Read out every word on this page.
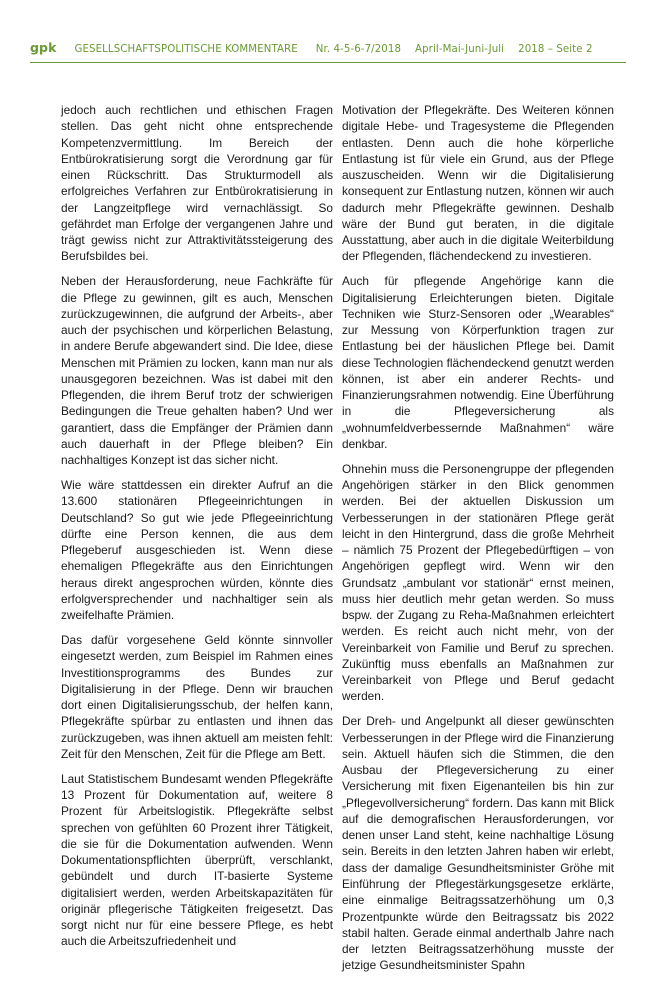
gpk GESELLSCHAFTSPOLITISCHE KOMMENTARE Nr. 4-5-6-7/2018 April-Mai-Juni-Juli 2018 – Seite 2

jedoch auch rechtlichen und ethischen Fragen stellen. Das geht nicht ohne entsprechende Kompetenzvermittlung. Im Bereich der Entbürokratisierung sorgt die Verordnung gar für einen Rückschritt. Das Strukturmodell als erfolgreiches Verfahren zur Entbürokratisierung in der Langzeitpflege wird vernachlässigt. So gefährdet man Erfolge der vergangenen Jahre und trägt gewiss nicht zur Attraktivitätssteigerung des Berufsbildes bei.

Neben der Herausforderung, neue Fachkräfte für die Pflege zu gewinnen, gilt es auch, Menschen zurückzugewinnen, die aufgrund der Arbeits-, aber auch der psychischen und körperlichen Belastung, in andere Berufe abgewandert sind. Die Idee, diese Menschen mit Prämien zu locken, kann man nur als unausgegoren bezeichnen. Was ist dabei mit den Pflegenden, die ihrem Beruf trotz der schwierigen Bedingungen die Treue gehalten haben? Und wer garantiert, dass die Empfänger der Prämien dann auch dauerhaft in der Pflege bleiben? Ein nachhaltiges Konzept ist das sicher nicht.

Wie wäre stattdessen ein direkter Aufruf an die 13.600 stationären Pflegeeinrichtungen in Deutschland? So gut wie jede Pflegeeinrichtung dürfte eine Person kennen, die aus dem Pflegeberuf ausgeschieden ist. Wenn diese ehemaligen Pflegekräfte aus den Einrichtungen heraus direkt angesprochen würden, könnte dies erfolgversprechender und nachhaltiger sein als zweifelhafte Prämien.

Das dafür vorgesehene Geld könnte sinnvoller eingesetzt werden, zum Beispiel im Rahmen eines Investitionsprogramms des Bundes zur Digitalisierung in der Pflege. Denn wir brauchen dort einen Digitalisierungsschub, der helfen kann, Pflegekräfte spürbar zu entlasten und ihnen das zurückzugeben, was ihnen aktuell am meisten fehlt: Zeit für den Menschen, Zeit für die Pflege am Bett.

Laut Statistischem Bundesamt wenden Pflegekräfte 13 Prozent für Dokumentation auf, weitere 8 Prozent für Arbeitslogistik. Pflegekräfte selbst sprechen von gefühlten 60 Prozent ihrer Tätigkeit, die sie für die Dokumentation aufwenden. Wenn Dokumentationspflichten überprüft, verschlankt, gebündelt und durch IT-basierte Systeme digitalisiert werden, werden Arbeitskapazitäten für originär pflegerische Tätigkeiten freigesetzt. Das sorgt nicht nur für eine bessere Pflege, es hebt auch die Arbeitszufriedenheit und

Motivation der Pflegekräfte. Des Weiteren können digitale Hebe- und Tragesysteme die Pflegenden entlasten. Denn auch die hohe körperliche Entlastung ist für viele ein Grund, aus der Pflege auszuscheiden. Wenn wir die Digitalisierung konsequent zur Entlastung nutzen, können wir auch dadurch mehr Pflegekräfte gewinnen. Deshalb wäre der Bund gut beraten, in die digitale Ausstattung, aber auch in die digitale Weiterbildung der Pflegenden, flächendeckend zu investieren.

Auch für pflegende Angehörige kann die Digitalisierung Erleichterungen bieten. Digitale Techniken wie Sturz-Sensoren oder „Wearables“ zur Messung von Körperfunktion tragen zur Entlastung bei der häuslichen Pflege bei. Damit diese Technologien flächendeckend genutzt werden können, ist aber ein anderer Rechts- und Finanzierungsrahmen notwendig. Eine Überführung in die Pflegeversicherung als „wohnumfeldverbessernde Maßnahmen“ wäre denkbar.

Ohnehin muss die Personengruppe der pflegenden Angehörigen stärker in den Blick genommen werden. Bei der aktuellen Diskussion um Verbesserungen in der stationären Pflege gerät leicht in den Hintergrund, dass die große Mehrheit – nämlich 75 Prozent der Pflegebedürftigen – von Angehörigen gepflegt wird. Wenn wir den Grundsatz „ambulant vor stationär“ ernst meinen, muss hier deutlich mehr getan werden. So muss bspw. der Zugang zu Reha-Maßnahmen erleichtert werden. Es reicht auch nicht mehr, von der Vereinbarkeit von Familie und Beruf zu sprechen. Zukünftig muss ebenfalls an Maßnahmen zur Vereinbarkeit von Pflege und Beruf gedacht werden.

Der Dreh- und Angelpunkt all dieser gewünschten Verbesserungen in der Pflege wird die Finanzierung sein. Aktuell häufen sich die Stimmen, die den Ausbau der Pflegeversicherung zu einer Versicherung mit fixen Eigenanteilen bis hin zur „Pflegevollversicherung“ fordern. Das kann mit Blick auf die demografischen Herausforderungen, vor denen unser Land steht, keine nachhaltige Lösung sein. Bereits in den letzten Jahren haben wir erlebt, dass der damalige Gesundheitsminister Gröhe mit Einführung der Pflegestärkungsgesetze erklärte, eine einmalige Beitragssatzerhöhung um 0,3 Prozentpunkte würde den Beitragssatz bis 2022 stabil halten. Gerade einmal anderthalb Jahre nach der letzten Beitragssatzerhöhung musste der jetzige Gesundheitsminister Spahn
